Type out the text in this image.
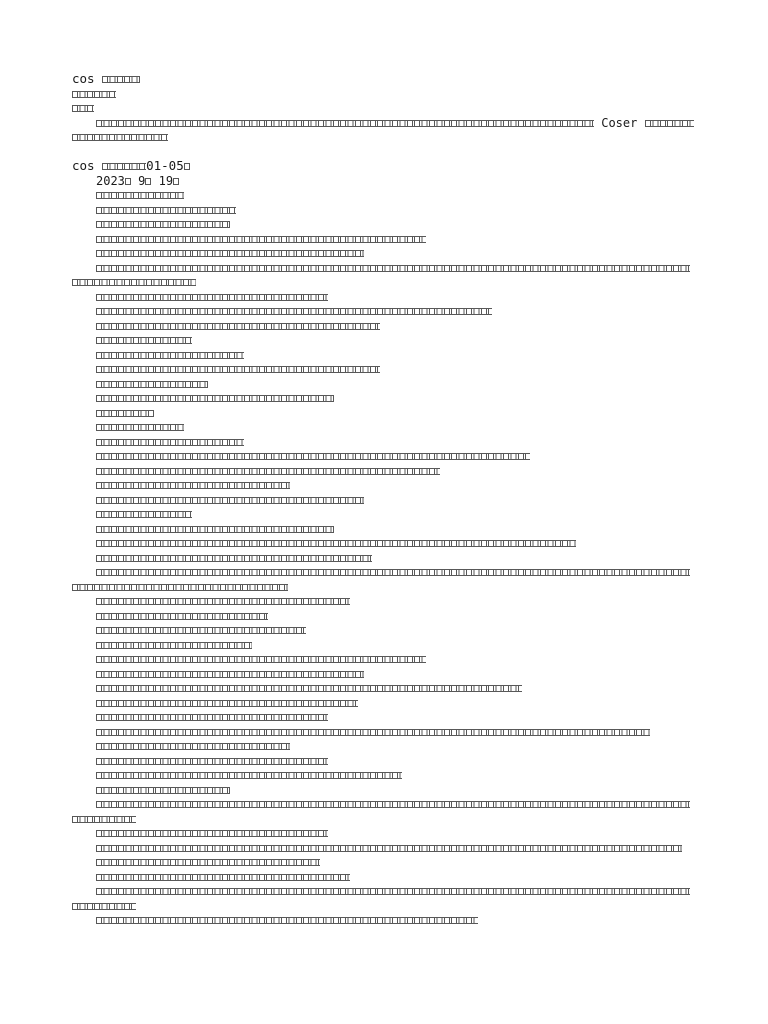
cos
Coser
cos	01-05
2023 9 19
